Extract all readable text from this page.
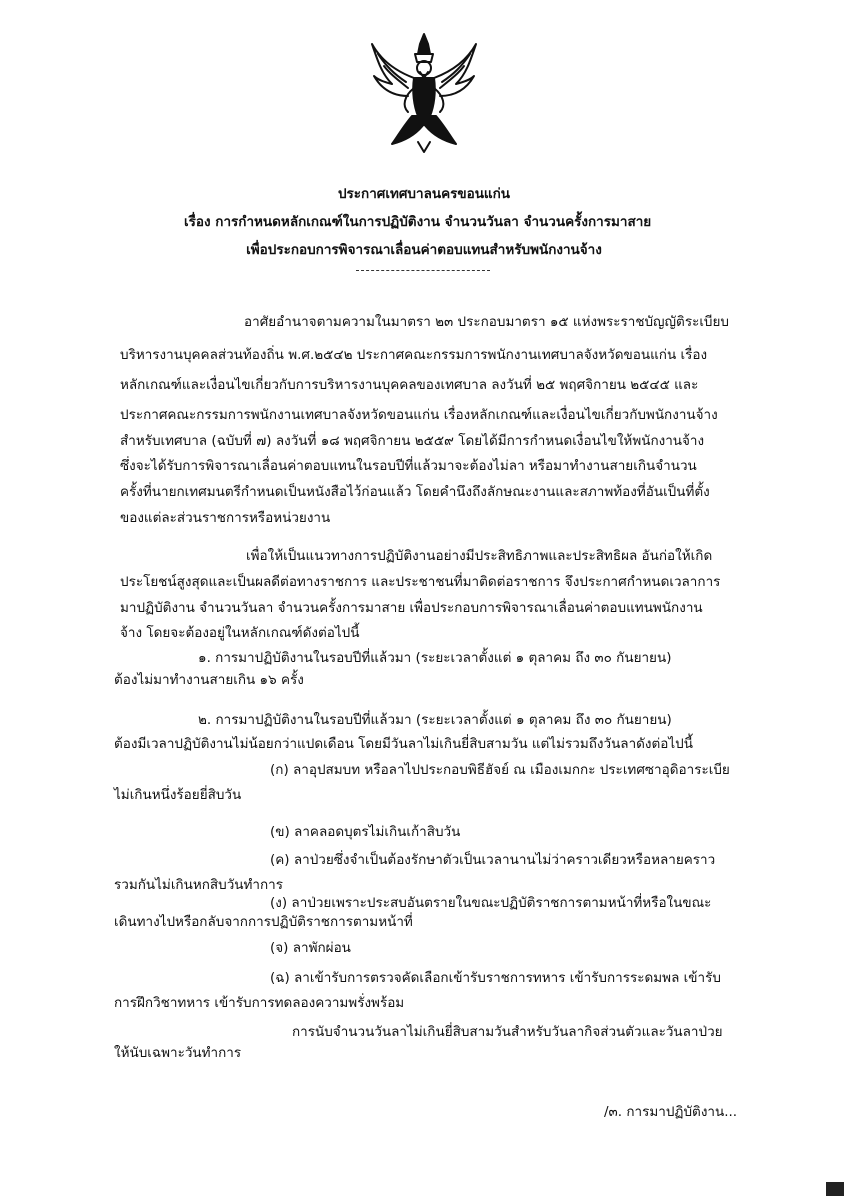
ประกาศเทศบาลนครขอนแก่น
เรื่อง การกำหนดหลักเกณฑ์ในการปฏิบัติงาน จำนวนวันลา จำนวนครั้งการมาสาย
เพื่อประกอบการพิจารณาเลื่อนค่าตอบแทนสำหรับพนักงานจ้าง
อาศัยอำนาจตามความในมาตรา ๒๓ ประกอบมาตรา ๑๕ แห่งพระราชบัญญัติระเบียบ
บริหารงานบุคคลส่วนท้องถิ่น พ.ศ.๒๕๔๒ ประกาศคณะกรรมการพนักงานเทศบาลจังหวัดขอนแก่น เรื่อง
หลักเกณฑ์และเงื่อนไขเกี่ยวกับการบริหารงานบุคคลของเทศบาล ลงวันที่ ๒๕ พฤศจิกายน ๒๕๔๕ และ
ประกาศคณะกรรมการพนักงานเทศบาลจังหวัดขอนแก่น เรื่องหลักเกณฑ์และเงื่อนไขเกี่ยวกับพนักงานจ้าง
สำหรับเทศบาล (ฉบับที่ ๗) ลงวันที่ ๑๘ พฤศจิกายน ๒๕๕๙ โดยได้มีการกำหนดเงื่อนไขให้พนักงานจ้าง
ซึ่งจะได้รับการพิจารณาเลื่อนค่าตอบแทนในรอบปีที่แล้วมาจะต้องไม่ลา หรือมาทำงานสายเกินจำนวน
ครั้งที่นายกเทศมนตรีกำหนดเป็นหนังสือไว้ก่อนแล้ว โดยคำนึงถึงลักษณะงานและสภาพท้องที่อันเป็นที่ตั้ง
ของแต่ละส่วนราชการหรือหน่วยงาน
เพื่อให้เป็นแนวทางการปฏิบัติงานอย่างมีประสิทธิภาพและประสิทธิผล อันก่อให้เกิด
ประโยชน์สูงสุดและเป็นผลดีต่อทางราชการ และประชาชนที่มาติดต่อราชการ จึงประกาศกำหนดเวลาการ
มาปฏิบัติงาน จำนวนวันลา จำนวนครั้งการมาสาย เพื่อประกอบการพิจารณาเลื่อนค่าตอบแทนพนักงาน
จ้าง โดยจะต้องอยู่ในหลักเกณฑ์ดังต่อไปนี้
๑. การมาปฏิบัติงานในรอบปีที่แล้วมา (ระยะเวลาตั้งแต่ ๑ ตุลาคม ถึง ๓๐ กันยายน)
ต้องไม่มาทำงานสายเกิน ๑๖ ครั้ง
๒. การมาปฏิบัติงานในรอบปีที่แล้วมา (ระยะเวลาตั้งแต่ ๑ ตุลาคม ถึง ๓๐ กันยายน)
ต้องมีเวลาปฏิบัติงานไม่น้อยกว่าแปดเดือน โดยมีวันลาไม่เกินยี่สิบสามวัน แต่ไม่รวมถึงวันลาดังต่อไปนี้
(ก) ลาอุปสมบท หรือลาไปประกอบพิธีฮัจย์ ณ เมืองเมกกะ ประเทศซาอุดิอาระเบีย
ไม่เกินหนึ่งร้อยยี่สิบวัน
(ข) ลาคลอดบุตรไม่เกินเก้าสิบวัน
(ค) ลาป่วยซึ่งจำเป็นต้องรักษาตัวเป็นเวลานานไม่ว่าคราวเดียวหรือหลายคราว
รวมกันไม่เกินหกสิบวันทำการ
(ง) ลาป่วยเพราะประสบอันตรายในขณะปฏิบัติราชการตามหน้าที่หรือในขณะ
เดินทางไปหรือกลับจากการปฏิบัติราชการตามหน้าที่
(จ) ลาพักผ่อน
(ฉ) ลาเข้ารับการตรวจคัดเลือกเข้ารับราชการทหาร เข้ารับการระดมพล เข้ารับ
การฝึกวิชาทหาร เข้ารับการทดลองความพรั่งพร้อม
การนับจำนวนวันลาไม่เกินยี่สิบสามวันสำหรับวันลากิจส่วนตัวและวันลาป่วย
ให้นับเฉพาะวันทำการ
/๓. การมาปฏิบัติงาน...
